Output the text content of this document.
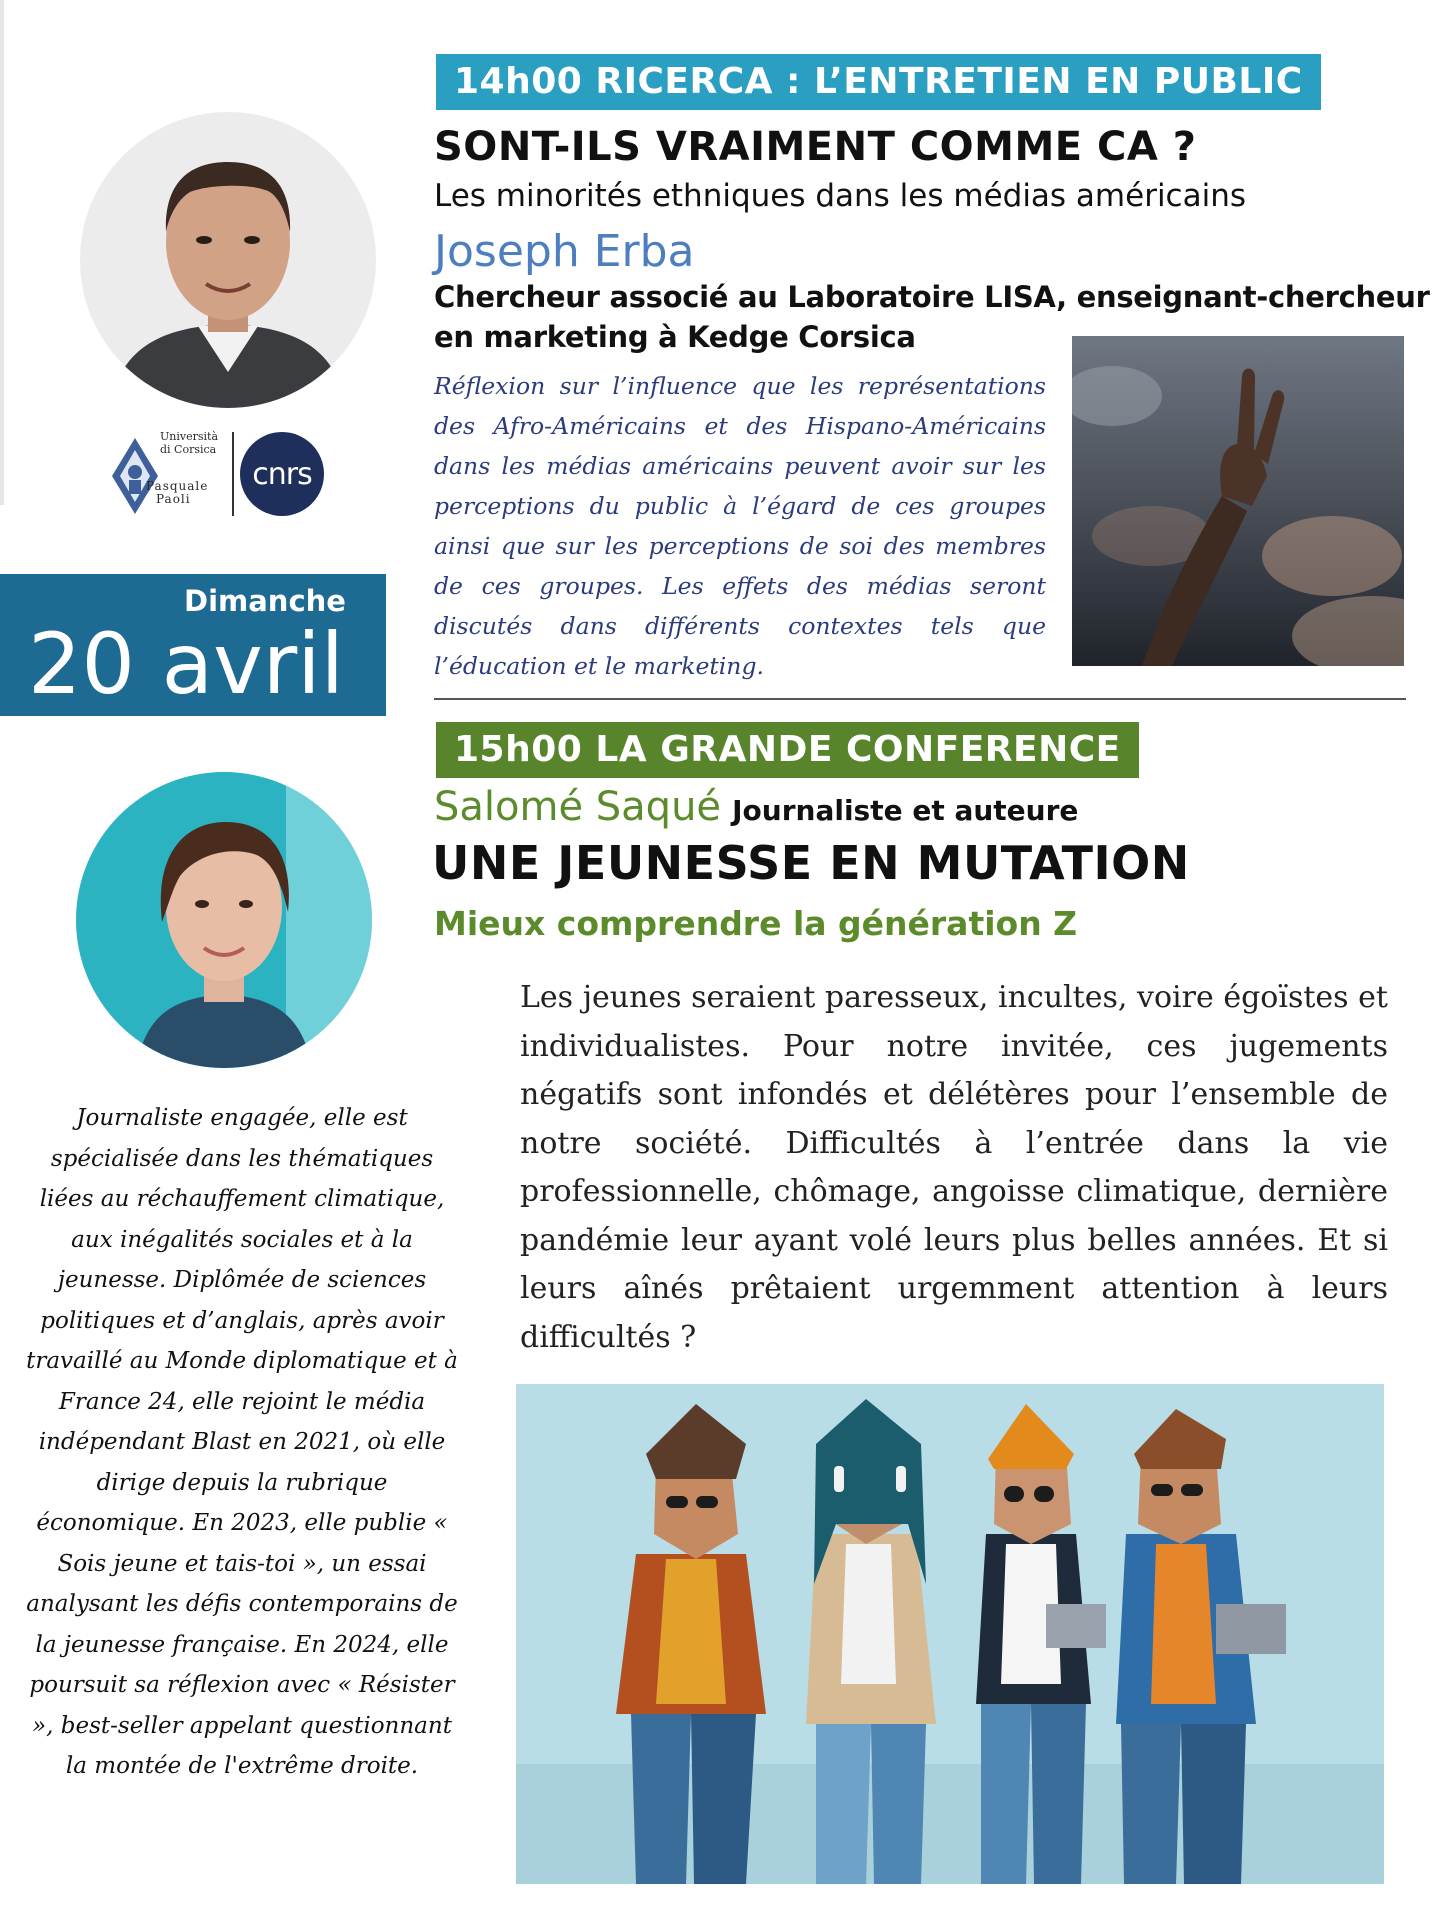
Università
di Corsica
Pasquale
Paoli
cnrs
14h00 RICERCA : L’ENTRETIEN EN PUBLIC
SONT-ILS VRAIMENT COMME CA ?
Les minorités ethniques dans les médias américains
Joseph Erba
Chercheur associé au Laboratoire LISA, enseignant-chercheur
en marketing à Kedge Corsica
Réflexion sur l’influence que les représentations des Afro-Américains et des Hispano-Américains dans les médias américains peuvent avoir sur les perceptions du public à l’égard de ces groupes ainsi que sur les perceptions de soi des membres de ces groupes. Les effets des médias seront discutés dans différents contextes tels que l’éducation et le marketing.
Dimanche
20 avril
15h00 LA GRANDE CONFERENCE
Salomé Saqué Journaliste et auteure
UNE JEUNESSE EN MUTATION
Mieux comprendre la génération Z
Les jeunes seraient paresseux, incultes, voire égoïstes et individualistes. Pour notre invitée, ces jugements négatifs sont infondés et délétères pour l’ensemble de notre société. Difficultés à l’entrée dans la vie professionnelle, chômage, angoisse climatique, dernière pandémie leur ayant volé leurs plus belles années. Et si leurs aînés prêtaient urgemment attention à leurs difficultés ?
Journaliste engagée, elle est spécialisée dans les thématiques liées au réchauffement climatique, aux inégalités sociales et à la jeunesse. Diplômée de sciences politiques et d’anglais, après avoir travaillé au Monde diplomatique et à France 24, elle rejoint le média indépendant Blast en 2021, où elle dirige depuis la rubrique économique. En 2023, elle publie « Sois jeune et tais-toi », un essai analysant les défis contemporains de la jeunesse française. En 2024, elle poursuit sa réflexion avec « Résister », best-seller appelant questionnant la montée de l'extrême droite.
